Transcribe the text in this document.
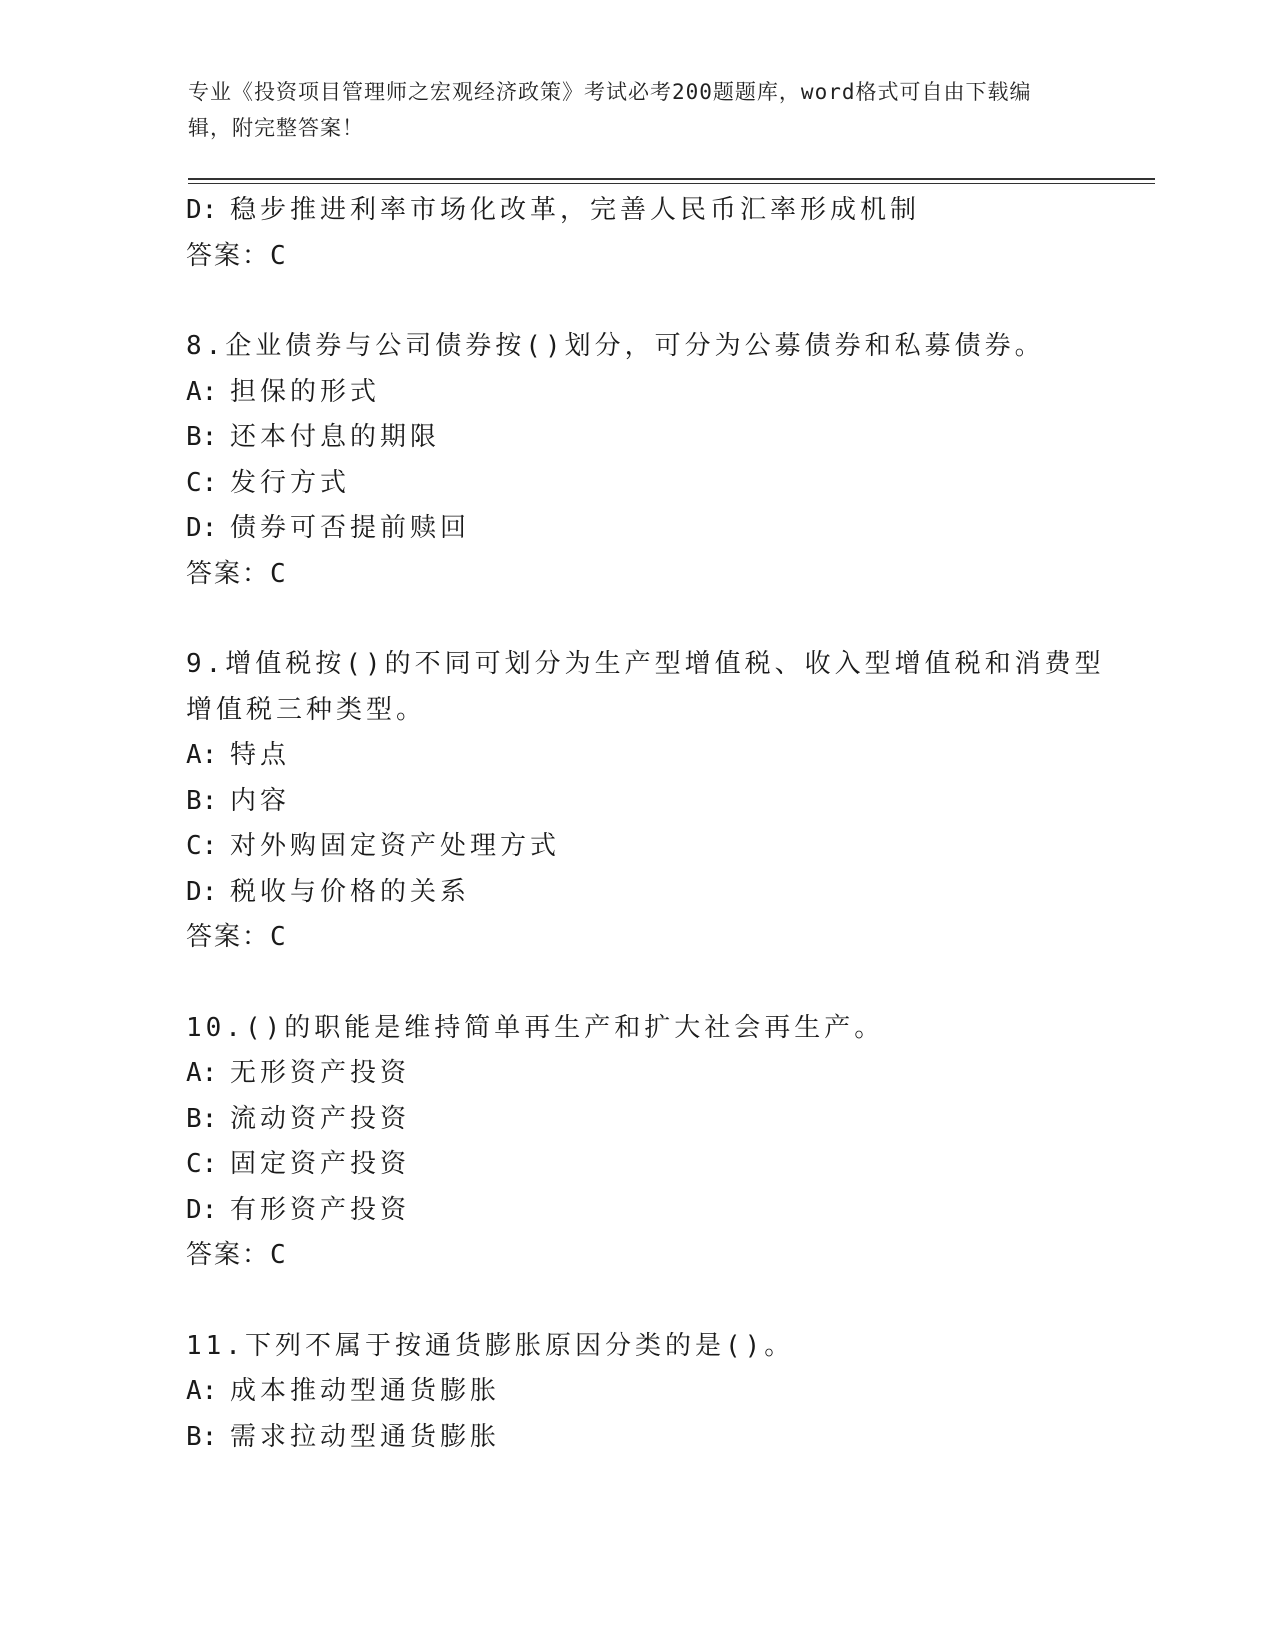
专业《投资项目管理师之宏观经济政策》考试必考200题题库，word格式可自由下载编辑，附完整答案！
D: 稳步推进利率市场化改革，完善人民币汇率形成机制
答案：C
8.企业债券与公司债券按()划分，可分为公募债券和私募债券。
A: 担保的形式
B: 还本付息的期限
C: 发行方式
D: 债券可否提前赎回
答案：C
9.增值税按()的不同可划分为生产型增值税、收入型增值税和消费型
增值税三种类型。
A: 特点
B: 内容
C: 对外购固定资产处理方式
D: 税收与价格的关系
答案：C
10.()的职能是维持简单再生产和扩大社会再生产。
A: 无形资产投资
B: 流动资产投资
C: 固定资产投资
D: 有形资产投资
答案：C
11.下列不属于按通货膨胀原因分类的是()。
A: 成本推动型通货膨胀
B: 需求拉动型通货膨胀
